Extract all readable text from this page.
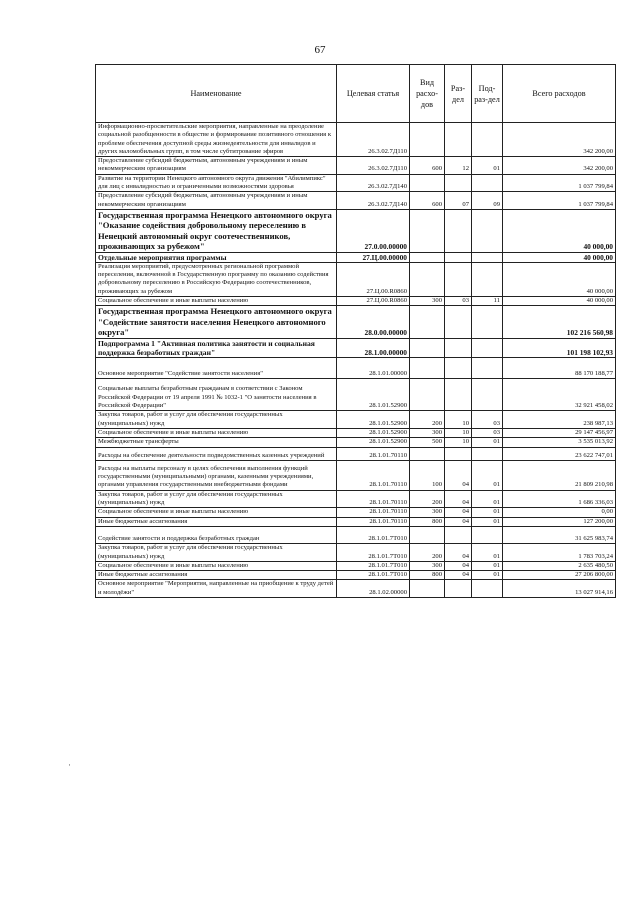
67
Наименование	Целевая статья	Вид расхо-дов	Раз-дел	Под-раз-дел	Всего расходов
Информационно-просветительские мероприятия, направленные на преодоление социальной разобщенности в обществе и формирование позитивного отношения к проблеме обеспечения доступной среды жизнедеятельности для инвалидов и других маломобильных групп, в том числе субтитрование эфиров	26.3.02.7Д110				342 200,00
Предоставление субсидий бюджетным, автономным учреждениям и иным некоммерческим организациям	26.3.02.7Д110	600	12	01	342 200,00
Развитие на территории Ненецкого автономного округа движения "Абилимпикс" для лиц с инвалидностью и ограниченными возможностями здоровья	26.3.02.7Д140				1 037 799,84
Предоставление субсидий бюджетным, автономным учреждениям и иным некоммерческим организациям	26.3.02.7Д140	600	07	09	1 037 799,84
Государственная программа Ненецкого автономного округа "Оказание содействия добровольному переселению в Ненецкий автономный округ соотечественников, проживающих за рубежом"	27.0.00.00000				40 000,00
Отдельные мероприятия программы	27.Ц.00.00000				40 000,00
Реализация мероприятий, предусмотренных региональной программой переселения, включенной в Государственную программу по оказанию содействия добровольному переселению в Российскую Федерацию соотечественников, проживающих за рубежом	27.Ц.00.R0860				40 000,00
Социальное обеспечение и иные выплаты населению	27.Ц.00.R0860	300	03	11	40 000,00
Государственная программа Ненецкого автономного округа "Содействие занятости населения Ненецкого автономного округа"	28.0.00.00000				102 216 560,98
Подпрограмма 1 "Активная политика занятости и социальная поддержка безработных граждан"	28.1.00.00000				101 198 102,93
Основное мероприятие "Содействие занятости населения"	28.1.01.00000				88 170 188,77
Социальные выплаты безработным гражданам в соответствии с Законом Российской Федерации от 19 апреля 1991 № 1032-1 "О занятости населения в Российской Федерации"	28.1.01.52900				32 921 458,02
Закупка товаров, работ и услуг для обеспечения государственных (муниципальных) нужд	28.1.01.52900	200	10	03	238 987,13
Социальное обеспечение и иные выплаты населению	28.1.01.52900	300	10	03	29 147 456,97
Межбюджетные трансферты	28.1.01.52900	500	10	01	3 535 013,92
Расходы на обеспечение деятельности подведомственных казенных учреждений	28.1.01.70110				23 622 747,01
Расходы на выплаты персоналу в целях обеспечения выполнения функций государственными (муниципальными) органами, казенными учреждениями, органами управления государственными внебюджетными фондами	28.1.01.70110	100	04	01	21 809 210,98
Закупка товаров, работ и услуг для обеспечения государственных (муниципальных) нужд	28.1.01.70110	200	04	01	1 686 336,03
Социальное обеспечение и иные выплаты населению	28.1.01.70110	300	04	01	0,00
Иные бюджетные ассигнования	28.1.01.70110	800	04	01	127 200,00
Содействие занятости и поддержка безработных граждан	28.1.01.7Т010				31 625 983,74
Закупка товаров, работ и услуг для обеспечения государственных (муниципальных) нужд	28.1.01.7Т010	200	04	01	1 783 703,24
Социальное обеспечение и иные выплаты населению	28.1.01.7Т010	300	04	01	2 635 480,50
Иные бюджетные ассигнования	28.1.01.7Т010	800	04	01	27 206 800,00
Основное мероприятие "Мероприятия, направленные на приобщение к труду детей и молодёжи"	28.1.02.00000				13 027 914,16
·
